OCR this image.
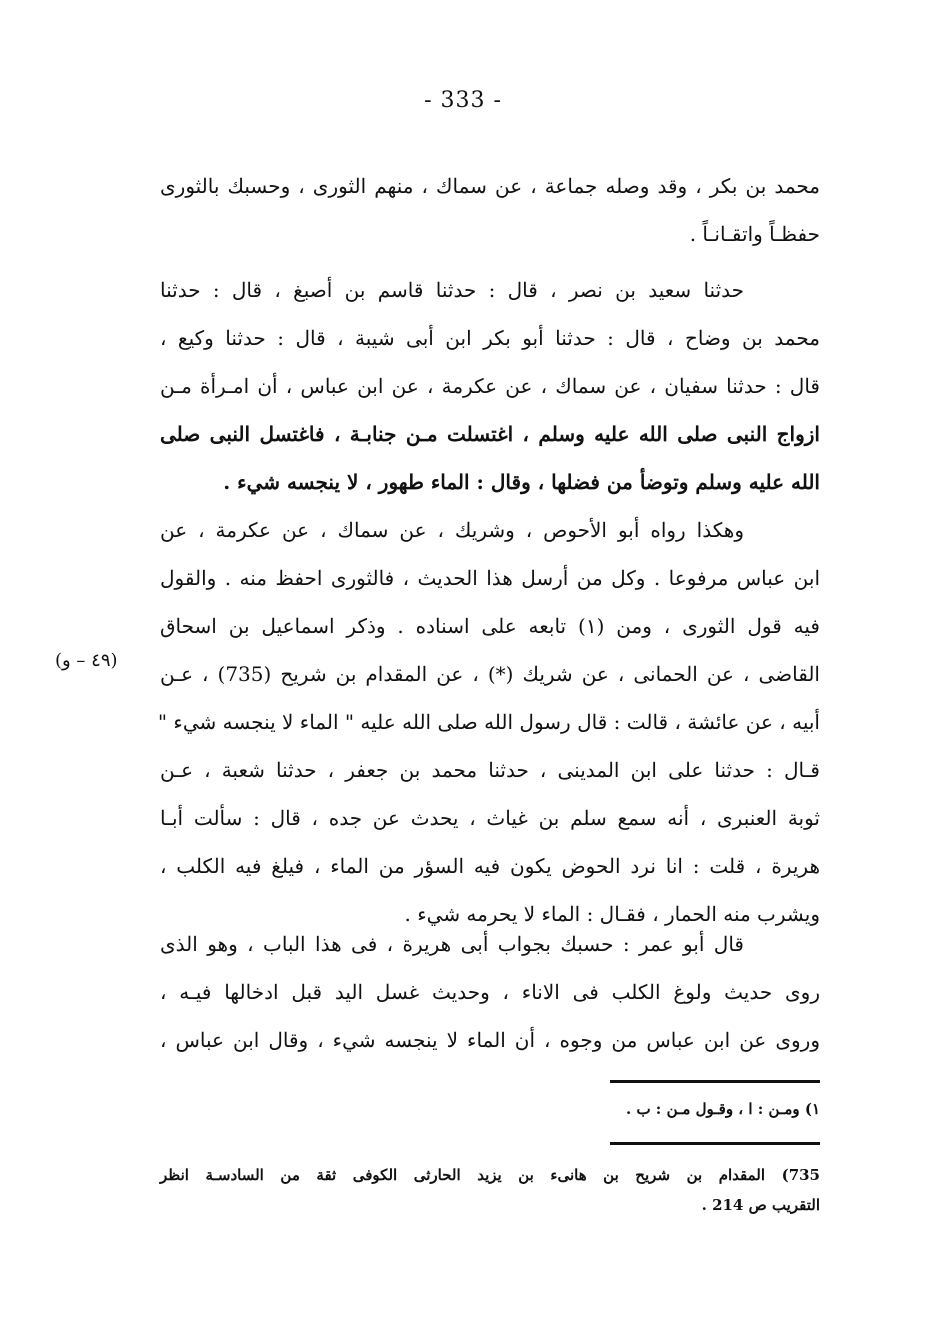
- 333 -
(٤٩ – و)
محمد بن بكر ، وقد وصله جماعة ، عن سماك ، منهم الثورى ، وحسبك بالثورى
حفظـاً واتقـانـاً .
حدثنا سعيد بن نصر ، قال : حدثنا قاسم بن أصبغ ، قال : حدثنا
محمد بن وضاح ، قال : حدثنا أبو بكر ابن أبى شيبة ، قال : حدثنا وكيع ،
قال : حدثنا سفيان ، عن سماك ، عن عكرمة ، عن ابن عباس ، أن امـرأة مـن
ازواج النبى صلى الله عليه وسلم ، اغتسلت مـن جنابـة ، فاغتسل النبى صلى
الله عليه وسلم وتوضأ من فضلها ، وقال : الماء طهور ، لا ينجسه شيء .
وهكذا رواه أبو الأحوص ، وشريك ، عن سماك ، عن عكرمة ، عن
ابن عباس مرفوعا . وكل من أرسل هذا الحديث ، فالثورى احفظ منه . والقول
فيه قول الثورى ، ومن (١) تابعه على اسناده . وذكر اسماعيل بن اسحاق
القاضى ، عن الحمانى ، عن شريك (*) ، عن المقدام بن شريح (735) ، عـن
أبيه ، عن عائشة ، قالت : قال رسول الله صلى الله عليه " الماء لا ينجسه شيء "
قـال : حدثنا على ابن المدينى ، حدثنا محمد بن جعفر ، حدثنا شعبة ، عـن
ثوبة العنبرى ، أنه سمع سلم بن غياث ، يحدث عن جده ، قال : سألت أبـا
هريرة ، قلت : انا نرد الحوض يكون فيه السؤر من الماء ، فيلغ فيه الكلب ،
ويشرب منه الحمار ، فقـال : الماء لا يحرمه شيء .
قال أبو عمر : حسبك بجواب أبى هريرة ، فى هذا الباب ، وهو الذى
روى حديث ولوغ الكلب فى الاناء ، وحديث غسل اليد قبل ادخالها فيـه ،
وروى عن ابن عباس من وجوه ، أن الماء لا ينجسه شيء ، وقال ابن عباس ،
١) ومـن : ا ، وقـول مـن : ب .
735) المقدام بن شريح بن هانىء بن يزيد الحارثى الكوفى ثقة من السادسـة انظر
التقريب ص 214 .
